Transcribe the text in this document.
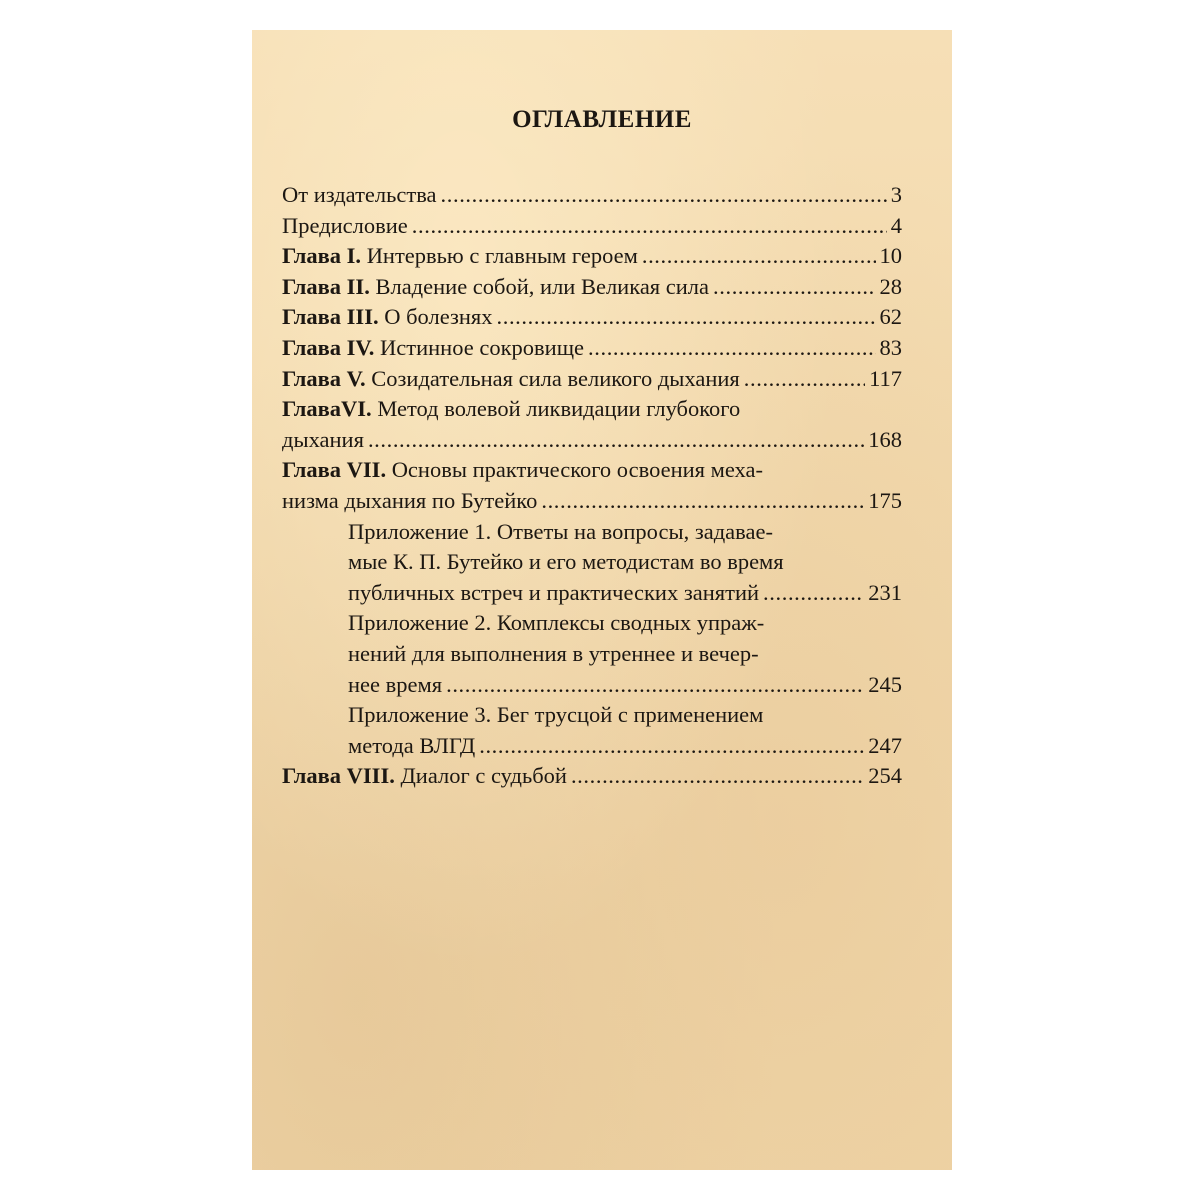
ОГЛАВЛЕНИЕ
От издательства .....	3
Предисловие .....	4
Глава I. Интервью с главным героем .....	10
Глава II. Владение собой, или Великая сила .....	28
Глава III. О болезнях .....	62
Глава IV. Истинное сокровище .....	83
Глава V. Созидательная сила великого дыхания .....	117
ГлаваVI. Метод волевой ликвидации глубокого
дыхания .....	168
Глава VII. Основы практического освоения меха-
низма дыхания по Бутейко .....	175
Приложение 1. Ответы на вопросы, задавае-
мые К. П. Бутейко и его методистам во время
публичных встреч и практических занятий .....	231
Приложение 2. Комплексы сводных упраж-
нений для выполнения в утреннее и вечер-
нее время .....	245
Приложение 3. Бег трусцой с применением
метода ВЛГД .....	247
Глава VIII. Диалог с судьбой .....	254
